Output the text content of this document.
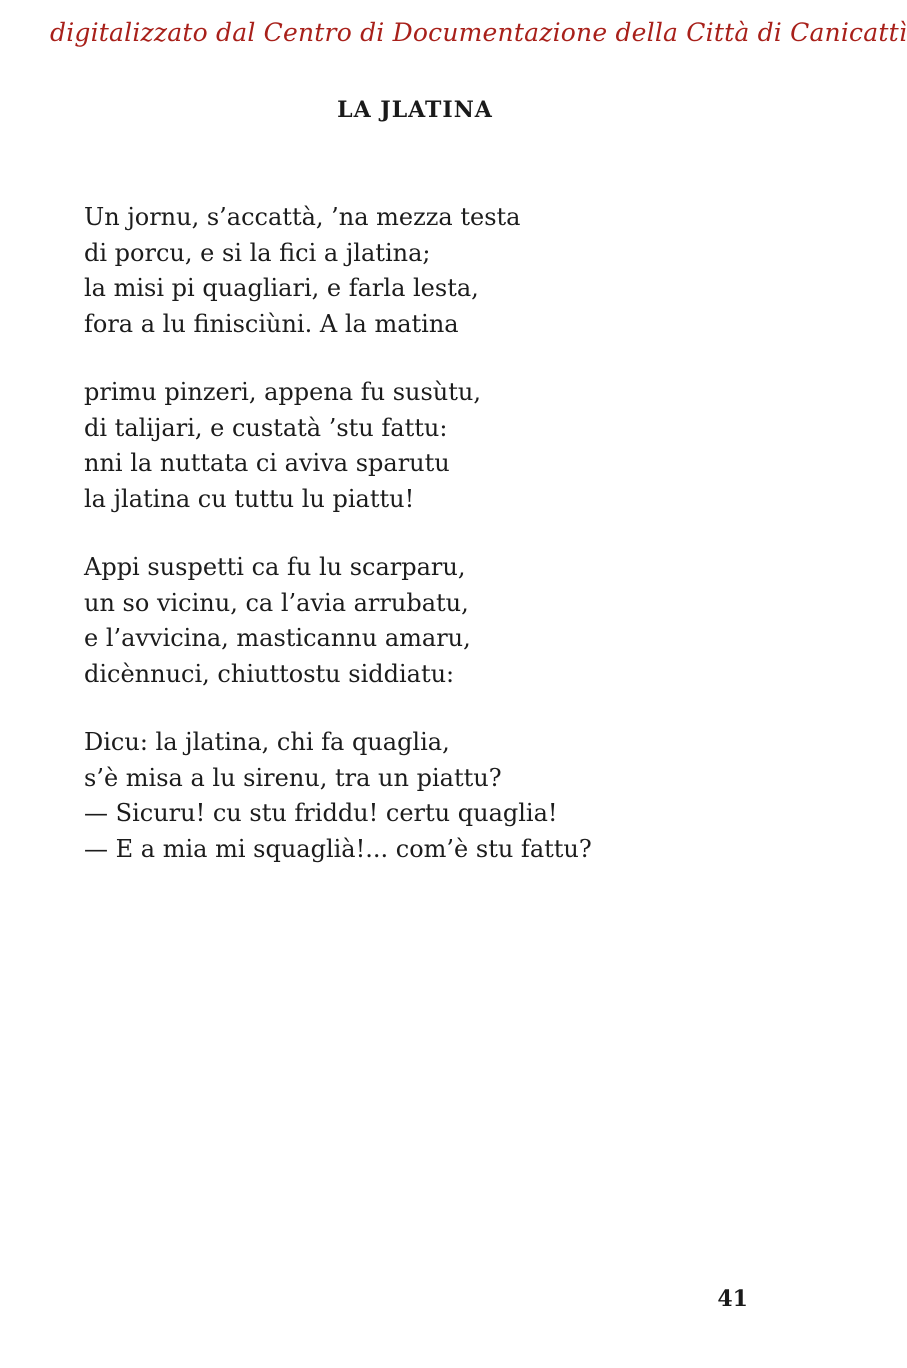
digitalizzato dal Centro di Documentazione della Città di Canicattì
LA JLATINA
Un jornu, s’accattà, ’na mezza testa
di porcu, e si la fici a jlatina;
la misi pi quagliari, e farla lesta,
fora a lu finisciùni. A la matina
primu pinzeri, appena fu susùtu,
di talijari, e custatà ’stu fattu:
nni la nuttata ci aviva sparutu
la jlatina cu tuttu lu piattu!
Appi suspetti ca fu lu scarparu,
un so vicinu, ca l’avia arrubatu,
e l’avvicina, masticannu amaru,
dicènnuci, chiuttostu siddiatu:
Dicu: la jlatina, chi fa quaglia,
s’è misa a lu sirenu, tra un piattu?
— Sicuru! cu stu friddu! certu quaglia!
— E a mia mi squaglià!... com’è stu fattu?
41
